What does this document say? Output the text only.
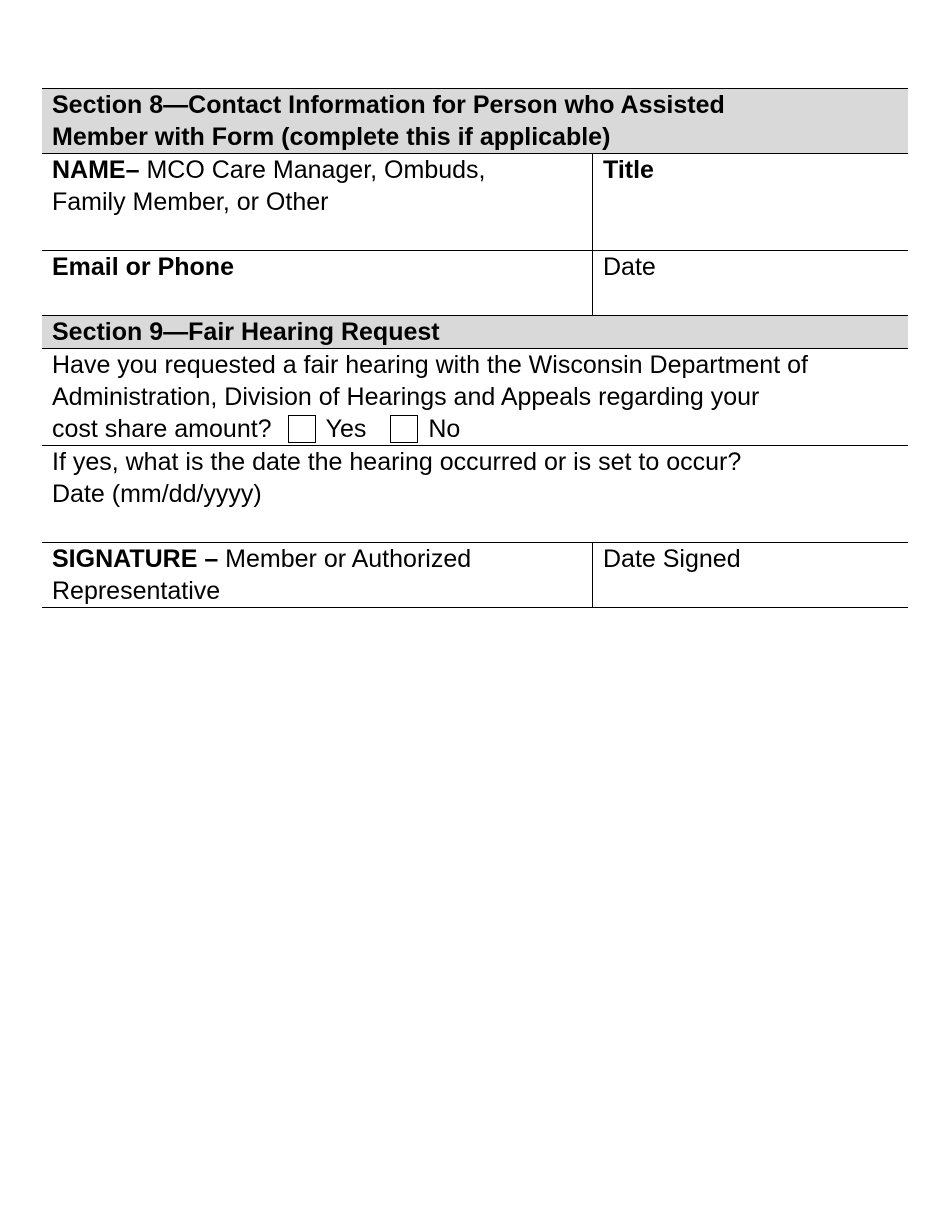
Section 8—Contact Information for Person who Assisted
Member with Form (complete this if applicable)
NAME– MCO Care Manager, Ombuds,
Family Member, or Other
Title
Email or Phone	Date
Section 9—Fair Hearing Request
Have you requested a fair hearing with the Wisconsin Department of
Administration, Division of Hearings and Appeals regarding your
cost share amount? Yes No
If yes, what is the date the hearing occurred or is set to occur?
Date (mm/dd/yyyy)
SIGNATURE – Member or Authorized
Representative
Date Signed
